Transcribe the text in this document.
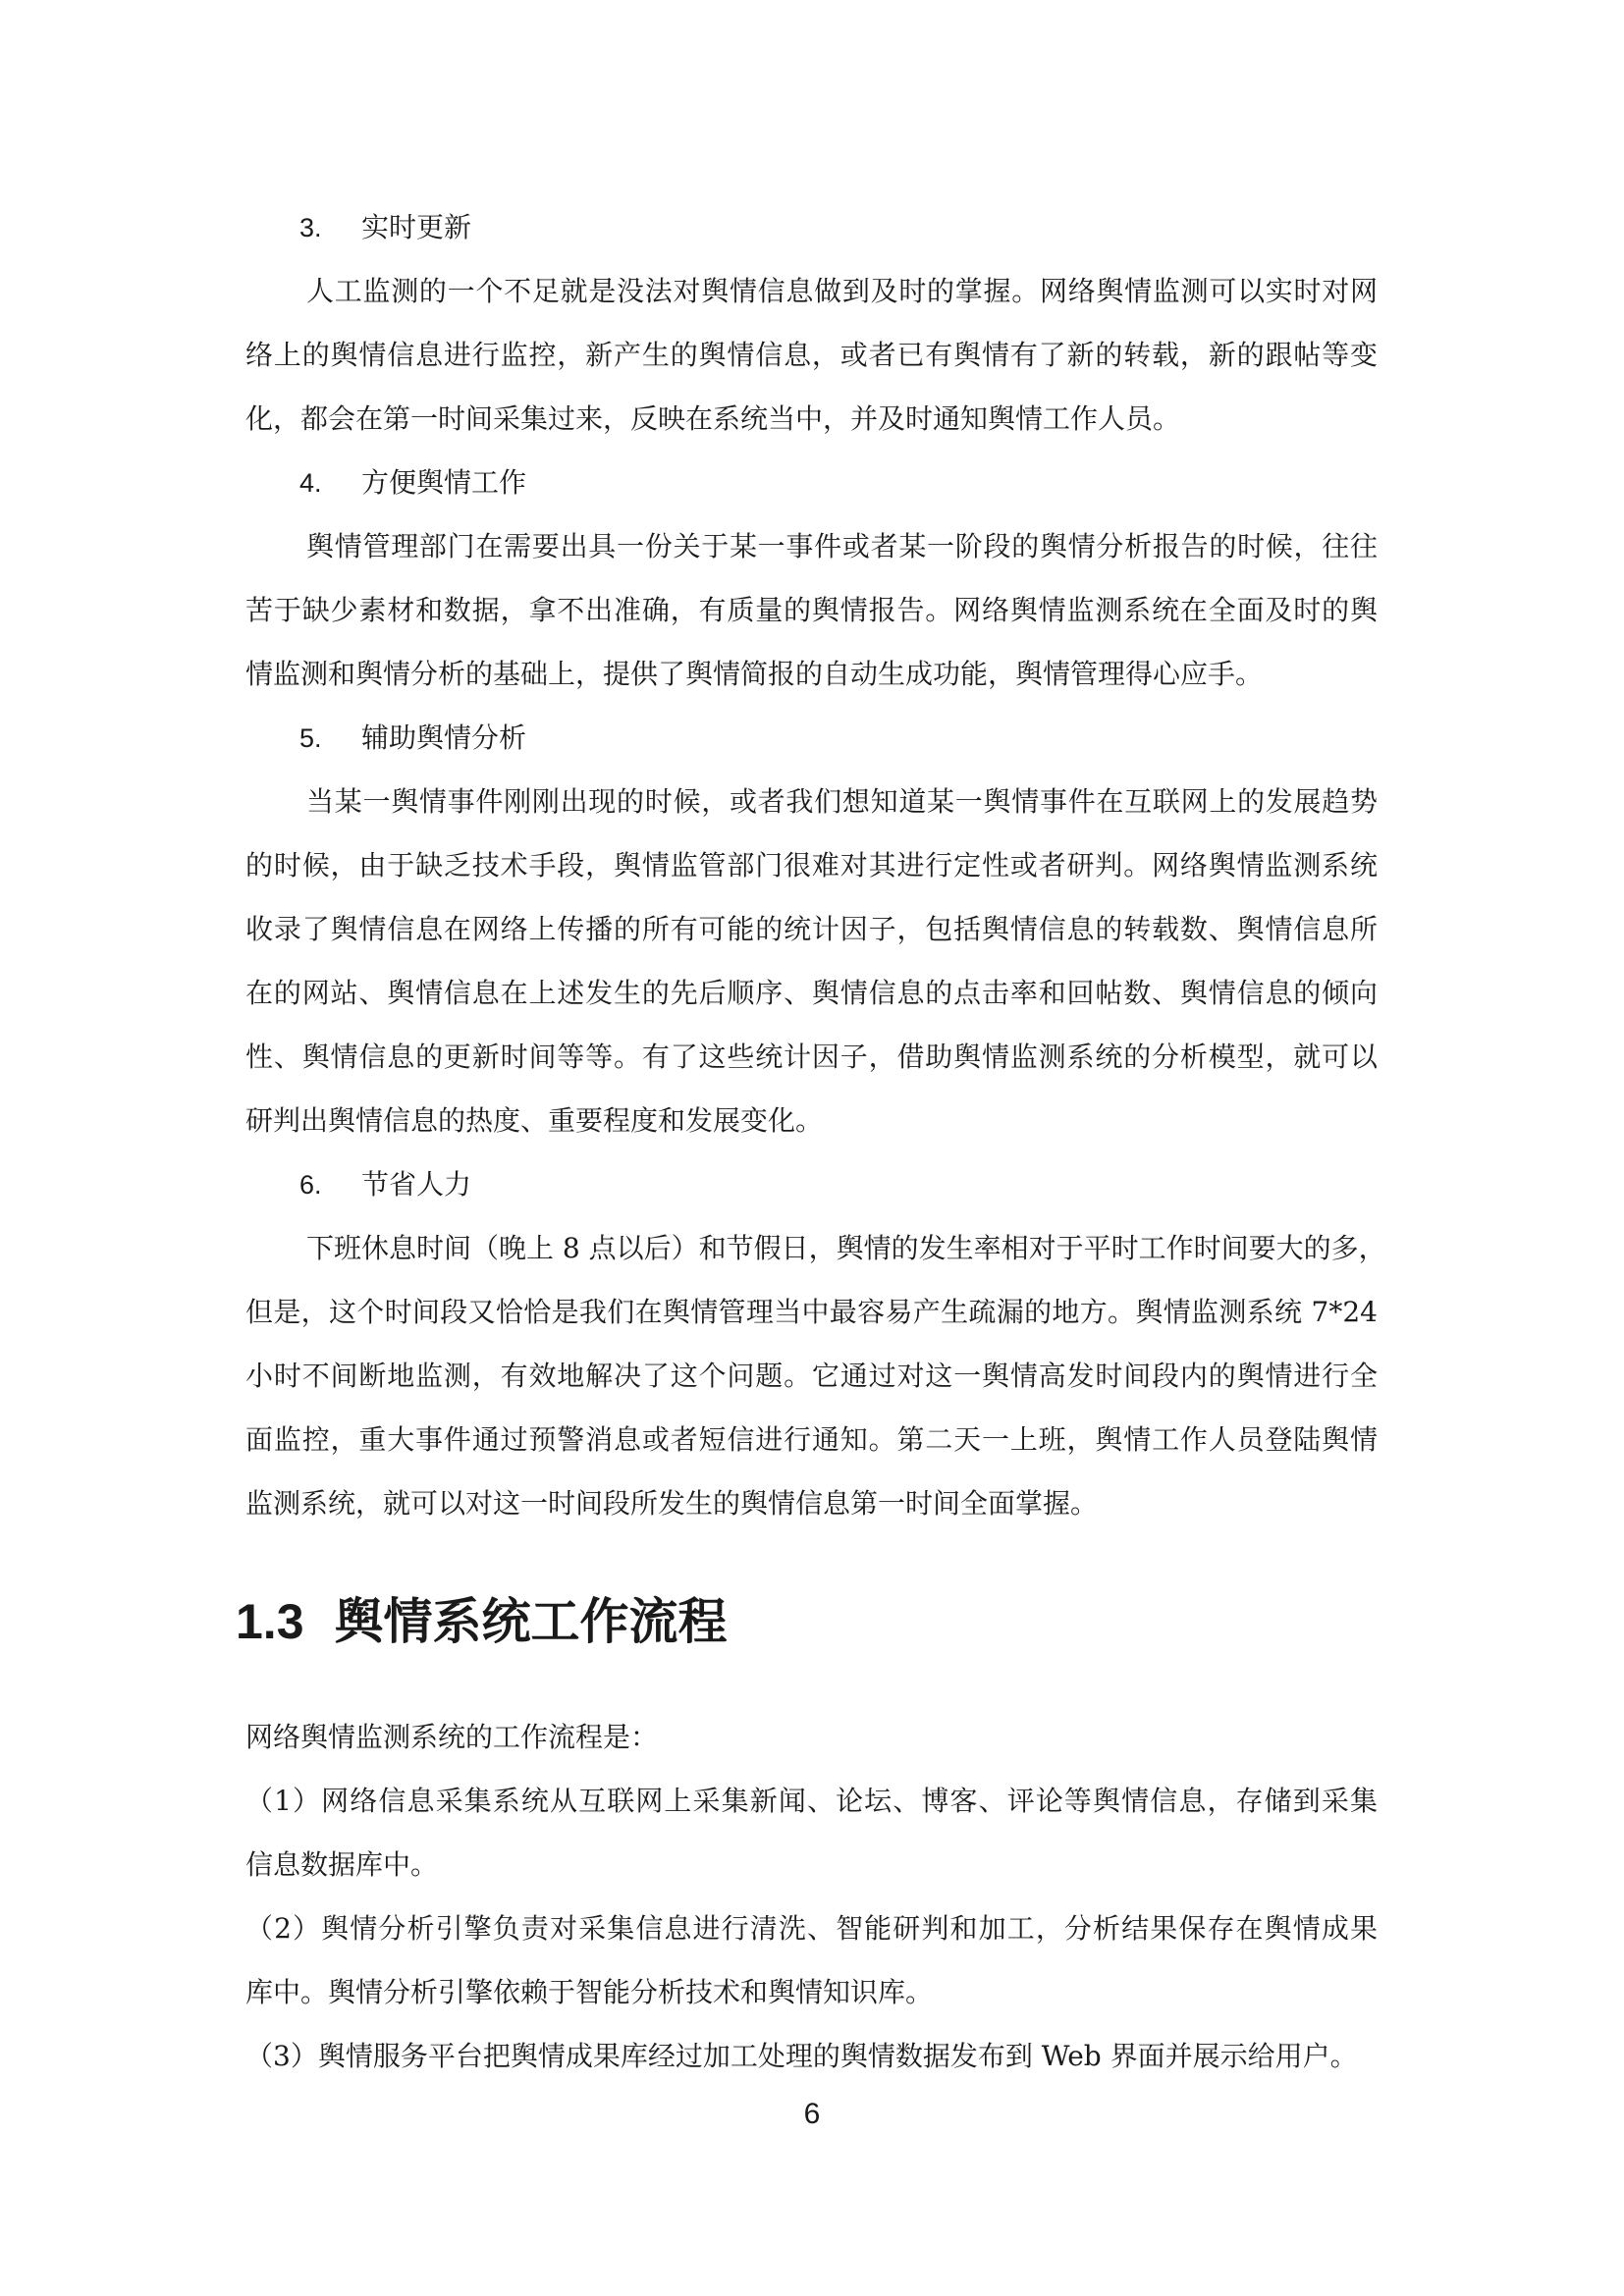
3. 实时更新
人工监测的一个不足就是没法对舆情信息做到及时的掌握。网络舆情监测可以实时对网
络上的舆情信息进行监控，新产生的舆情信息，或者已有舆情有了新的转载，新的跟帖等变
化，都会在第一时间采集过来，反映在系统当中，并及时通知舆情工作人员。
4. 方便舆情工作
舆情管理部门在需要出具一份关于某一事件或者某一阶段的舆情分析报告的时候，往往
苦于缺少素材和数据，拿不出准确，有质量的舆情报告。网络舆情监测系统在全面及时的舆
情监测和舆情分析的基础上，提供了舆情简报的自动生成功能，舆情管理得心应手。
5. 辅助舆情分析
当某一舆情事件刚刚出现的时候，或者我们想知道某一舆情事件在互联网上的发展趋势
的时候，由于缺乏技术手段，舆情监管部门很难对其进行定性或者研判。网络舆情监测系统
收录了舆情信息在网络上传播的所有可能的统计因子，包括舆情信息的转载数、舆情信息所
在的网站、舆情信息在上述发生的先后顺序、舆情信息的点击率和回帖数、舆情信息的倾向
性、舆情信息的更新时间等等。有了这些统计因子，借助舆情监测系统的分析模型，就可以
研判出舆情信息的热度、重要程度和发展变化。
6. 节省人力
下班休息时间（晚上 8 点以后）和节假日，舆情的发生率相对于平时工作时间要大的多，
但是，这个时间段又恰恰是我们在舆情管理当中最容易产生疏漏的地方。舆情监测系统 7*24
小时不间断地监测，有效地解决了这个问题。它通过对这一舆情高发时间段内的舆情进行全
面监控，重大事件通过预警消息或者短信进行通知。第二天一上班，舆情工作人员登陆舆情
监测系统，就可以对这一时间段所发生的舆情信息第一时间全面掌握。
1.3 舆情系统工作流程
网络舆情监测系统的工作流程是：
（1）网络信息采集系统从互联网上采集新闻、论坛、博客、评论等舆情信息，存储到采集
信息数据库中。
（2）舆情分析引擎负责对采集信息进行清洗、智能研判和加工，分析结果保存在舆情成果
库中。舆情分析引擎依赖于智能分析技术和舆情知识库。
（3）舆情服务平台把舆情成果库经过加工处理的舆情数据发布到 Web 界面并展示给用户。
6
